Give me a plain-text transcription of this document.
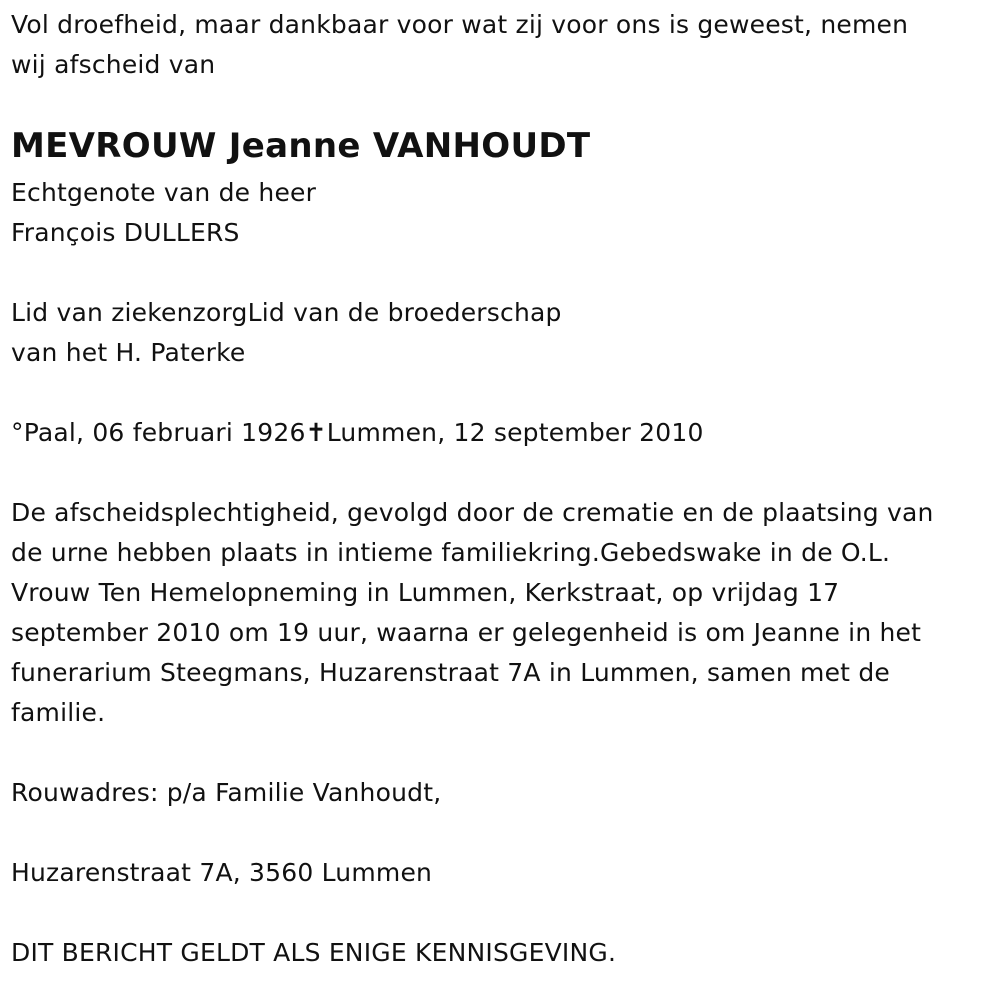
Vol droefheid, maar dankbaar voor wat zij voor ons is geweest, nemen
wij afscheid van
MEVROUW Jeanne VANHOUDT
Echtgenote van de heer
François DULLERS
Lid van ziekenzorgLid van de broederschap
van het H. Paterke
°Paal, 06 februari 1926✝Lummen, 12 september 2010
De afscheidsplechtigheid, gevolgd door de crematie en de plaatsing van
de urne hebben plaats in intieme familiekring.Gebedswake in de O.L.
Vrouw Ten Hemelopneming in Lummen, Kerkstraat, op vrijdag 17
september 2010 om 19 uur, waarna er gelegenheid is om Jeanne in het
funerarium Steegmans, Huzarenstraat 7A in Lummen, samen met de
familie.
Rouwadres: p/a Familie Vanhoudt,
Huzarenstraat 7A, 3560 Lummen
DIT BERICHT GELDT ALS ENIGE KENNISGEVING.
